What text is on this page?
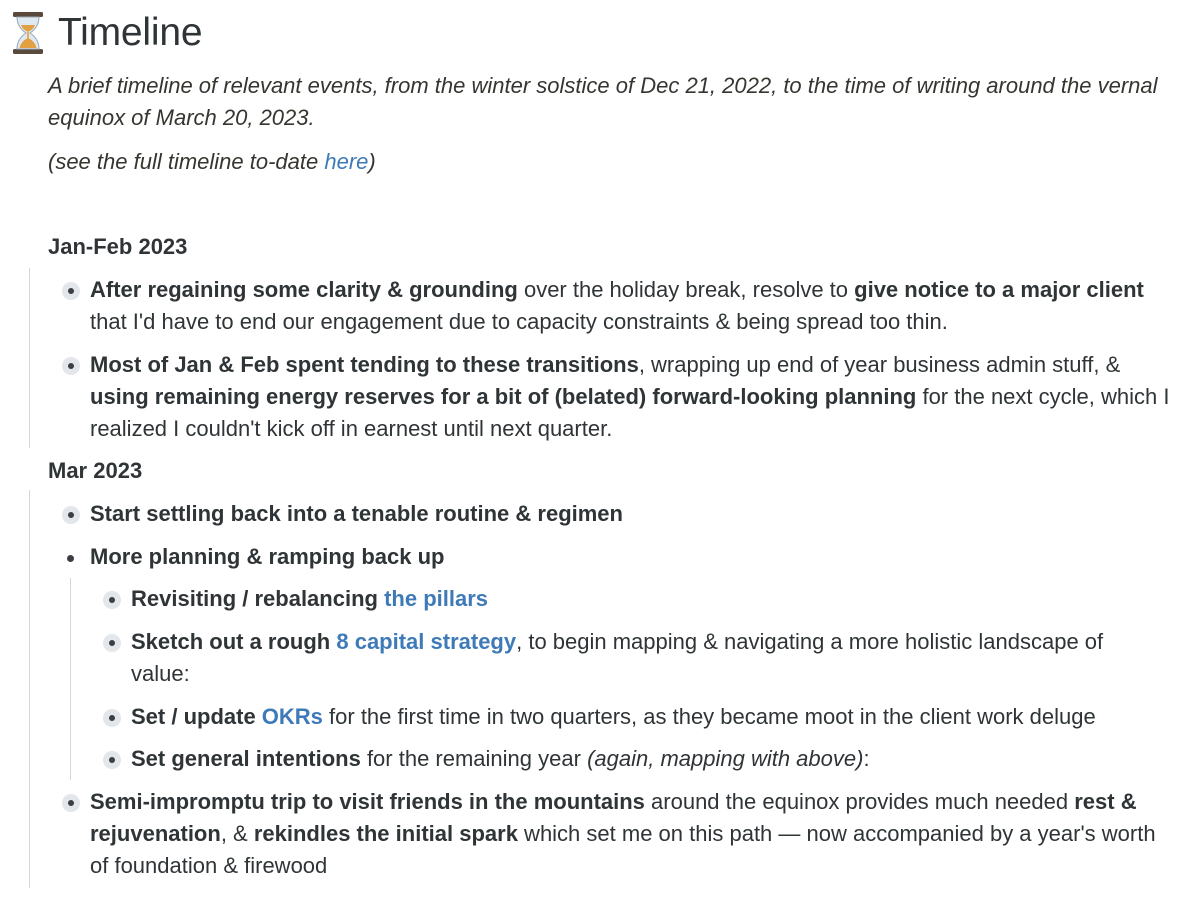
Timeline
A brief timeline of relevant events, from the winter solstice of Dec 21, 2022, to the time of writing around the vernal equinox of March 20, 2023.
(see the full timeline to-date here)
Jan-Feb 2023
After regaining some clarity & grounding over the holiday break, resolve to give notice to a major client that I'd have to end our engagement due to capacity constraints & being spread too thin.
Most of Jan & Feb spent tending to these transitions, wrapping up end of year business admin stuff, & using remaining energy reserves for a bit of (belated) forward-looking planning for the next cycle, which I realized I couldn't kick off in earnest until next quarter.
Mar 2023
Start settling back into a tenable routine & regimen
More planning & ramping back up
Revisiting / rebalancing the pillars
Sketch out a rough 8 capital strategy, to begin mapping & navigating a more holistic landscape of value:
Set / update OKRs for the first time in two quarters, as they became moot in the client work deluge
Set general intentions for the remaining year (again, mapping with above):
Semi-impromptu trip to visit friends in the mountains around the equinox provides much needed rest & rejuvenation, & rekindles the initial spark which set me on this path — now accompanied by a year's worth of foundation & firewood
